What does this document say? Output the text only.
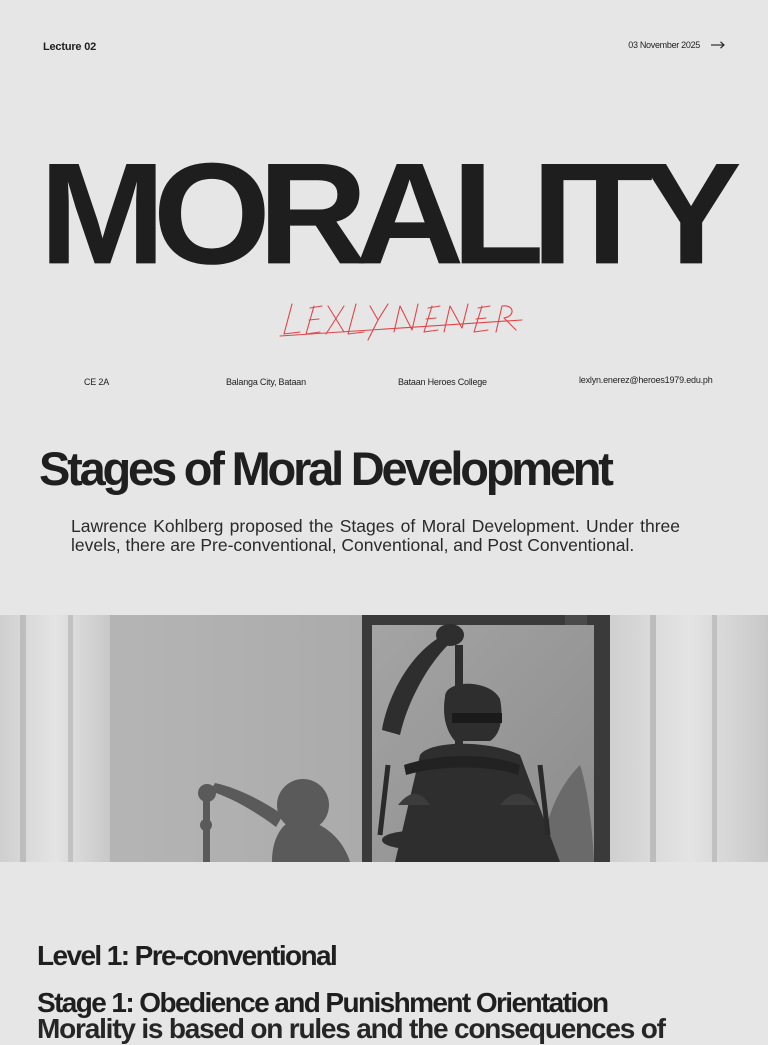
Lecture 02	03 November 2025
MORALITY
CE 2A	Balanga City, Bataan	Bataan Heroes College	lexlyn.enerez@heroes1979.edu.ph
Stages of Moral Development
Lawrence Kohlberg proposed the Stages of Moral Development. Under three levels, there are Pre-conventional, Conventional, and Post Conventional.
Level 1: Pre-conventional
Stage 1: Obedience and Punishment Orientation
Morality is based on rules and the consequences of
